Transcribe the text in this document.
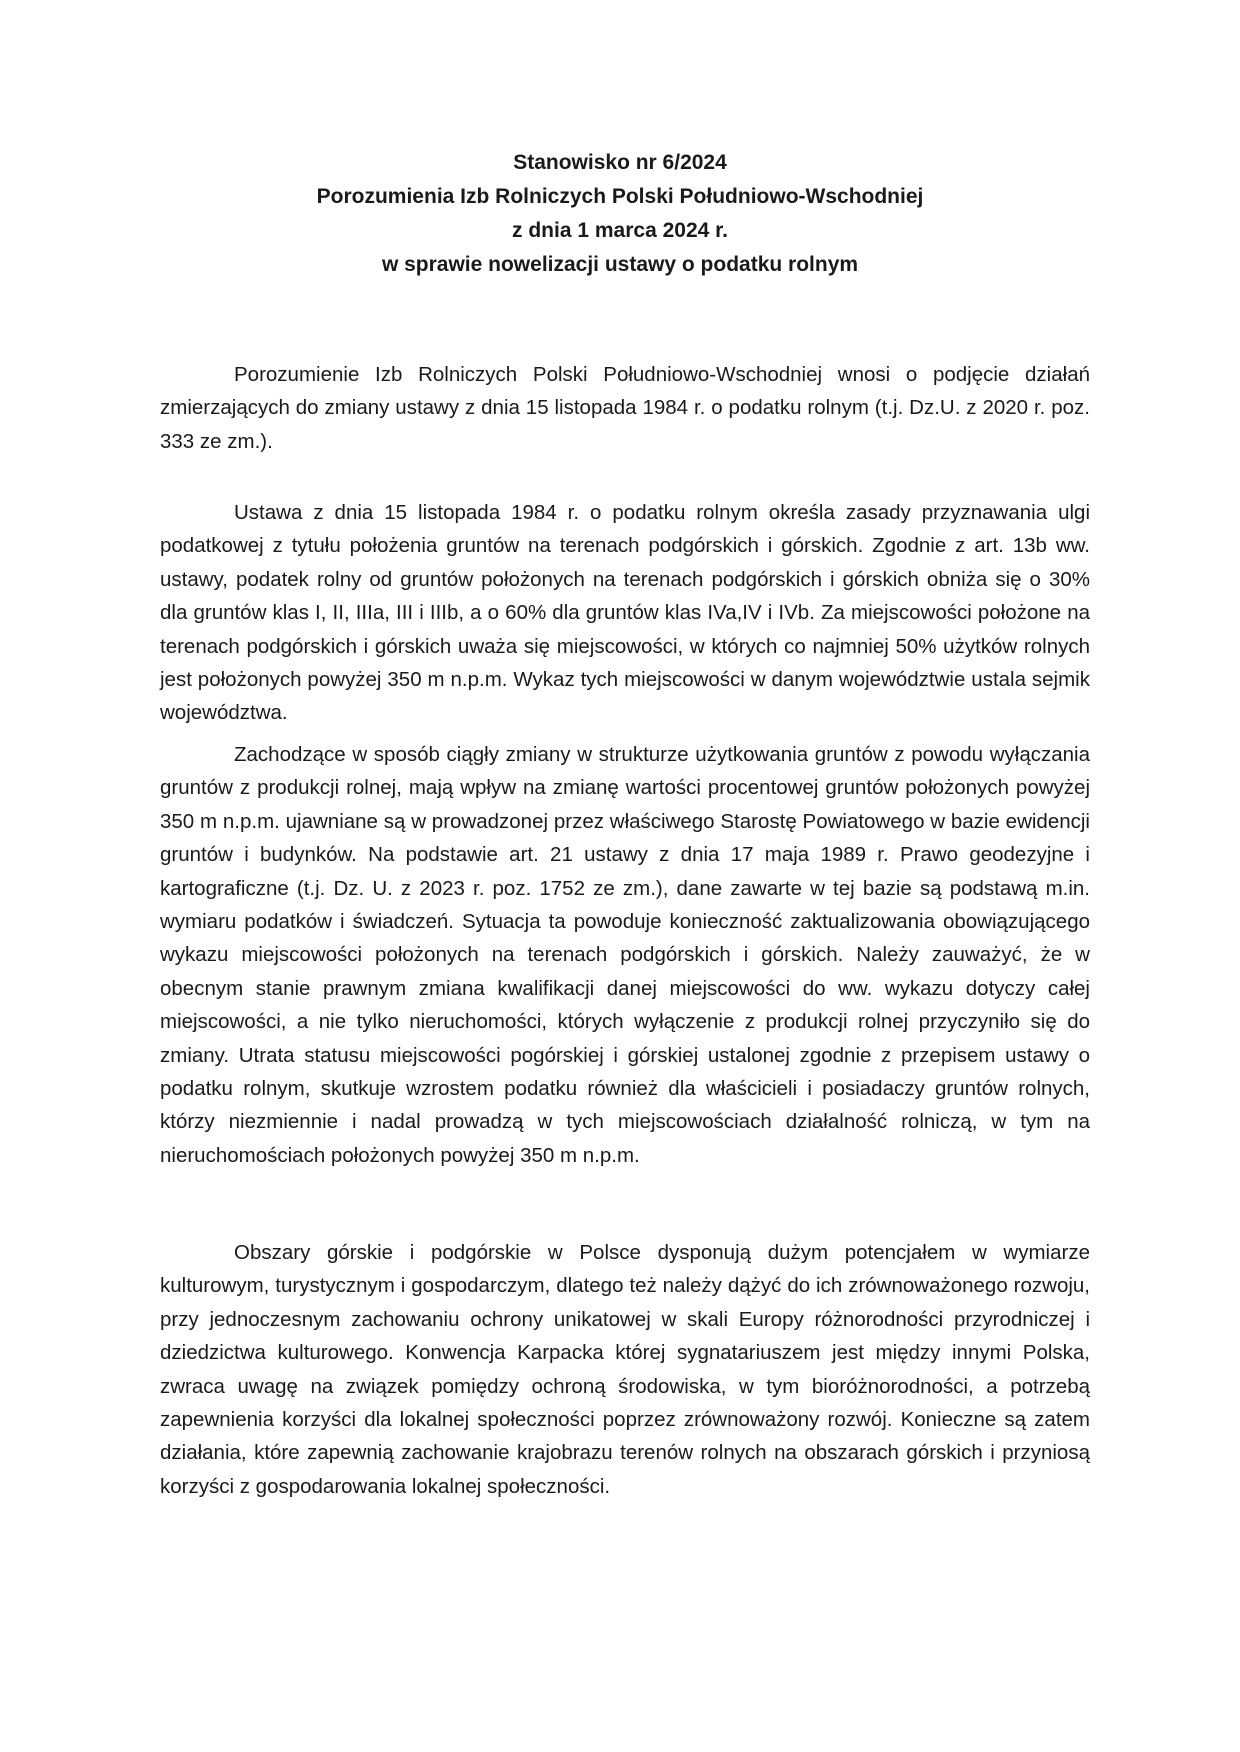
Stanowisko nr 6/2024
Porozumienia Izb Rolniczych Polski Południowo-Wschodniej
z dnia 1 marca 2024 r.
w sprawie nowelizacji ustawy o podatku rolnym

Porozumienie Izb Rolniczych Polski Południowo-Wschodniej wnosi o podjęcie działań zmierzających do zmiany ustawy z dnia 15 listopada 1984 r. o podatku rolnym (t.j. Dz.U. z 2020 r. poz. 333 ze zm.).

Ustawa z dnia 15 listopada 1984 r. o podatku rolnym określa zasady przyznawania ulgi podatkowej z tytułu położenia gruntów na terenach podgórskich i górskich. Zgodnie z art. 13b ww. ustawy, podatek rolny od gruntów położonych na terenach podgórskich i górskich obniża się o 30% dla gruntów klas I, II, IIIa, III i IIIb, a o 60% dla gruntów klas IVa,IV i IVb. Za miejscowości położone na terenach podgórskich i górskich uważa się miejscowości, w których co najmniej 50% użytków rolnych jest położonych powyżej 350 m n.p.m. Wykaz tych miejscowości w danym województwie ustala sejmik województwa.

Zachodzące w sposób ciągły zmiany w strukturze użytkowania gruntów z powodu wyłączania gruntów z produkcji rolnej, mają wpływ na zmianę wartości procentowej gruntów położonych powyżej 350 m n.p.m. ujawniane są w prowadzonej przez właściwego Starostę Powiatowego w bazie ewidencji gruntów i budynków. Na podstawie art. 21 ustawy z dnia 17 maja 1989 r. Prawo geodezyjne i kartograficzne (t.j. Dz. U. z 2023 r. poz. 1752 ze zm.), dane zawarte w tej bazie są podstawą m.in. wymiaru podatków i świadczeń. Sytuacja ta powoduje konieczność zaktualizowania obowiązującego wykazu miejscowości położonych na terenach podgórskich i górskich. Należy zauważyć, że w obecnym stanie prawnym zmiana kwalifikacji danej miejscowości do ww. wykazu dotyczy całej miejscowości, a nie tylko nieruchomości, których wyłączenie z produkcji rolnej przyczyniło się do zmiany. Utrata statusu miejscowości pogórskiej i górskiej ustalonej zgodnie z przepisem ustawy o podatku rolnym, skutkuje wzrostem podatku również dla właścicieli i posiadaczy gruntów rolnych, którzy niezmiennie i nadal prowadzą w tych miejscowościach działalność rolniczą, w tym na nieruchomościach położonych powyżej 350 m n.p.m.

Obszary górskie i podgórskie w Polsce dysponują dużym potencjałem w wymiarze kulturowym, turystycznym i gospodarczym, dlatego też należy dążyć do ich zrównoważonego rozwoju, przy jednoczesnym zachowaniu ochrony unikatowej w skali Europy różnorodności przyrodniczej i dziedzictwa kulturowego. Konwencja Karpacka której sygnatariuszem jest między innymi Polska, zwraca uwagę na związek pomiędzy ochroną środowiska, w tym bioróżnorodności, a potrzebą zapewnienia korzyści dla lokalnej społeczności poprzez zrównoważony rozwój. Konieczne są zatem działania, które zapewnią zachowanie krajobrazu terenów rolnych na obszarach górskich i przyniosą korzyści z gospodarowania lokalnej społeczności.
